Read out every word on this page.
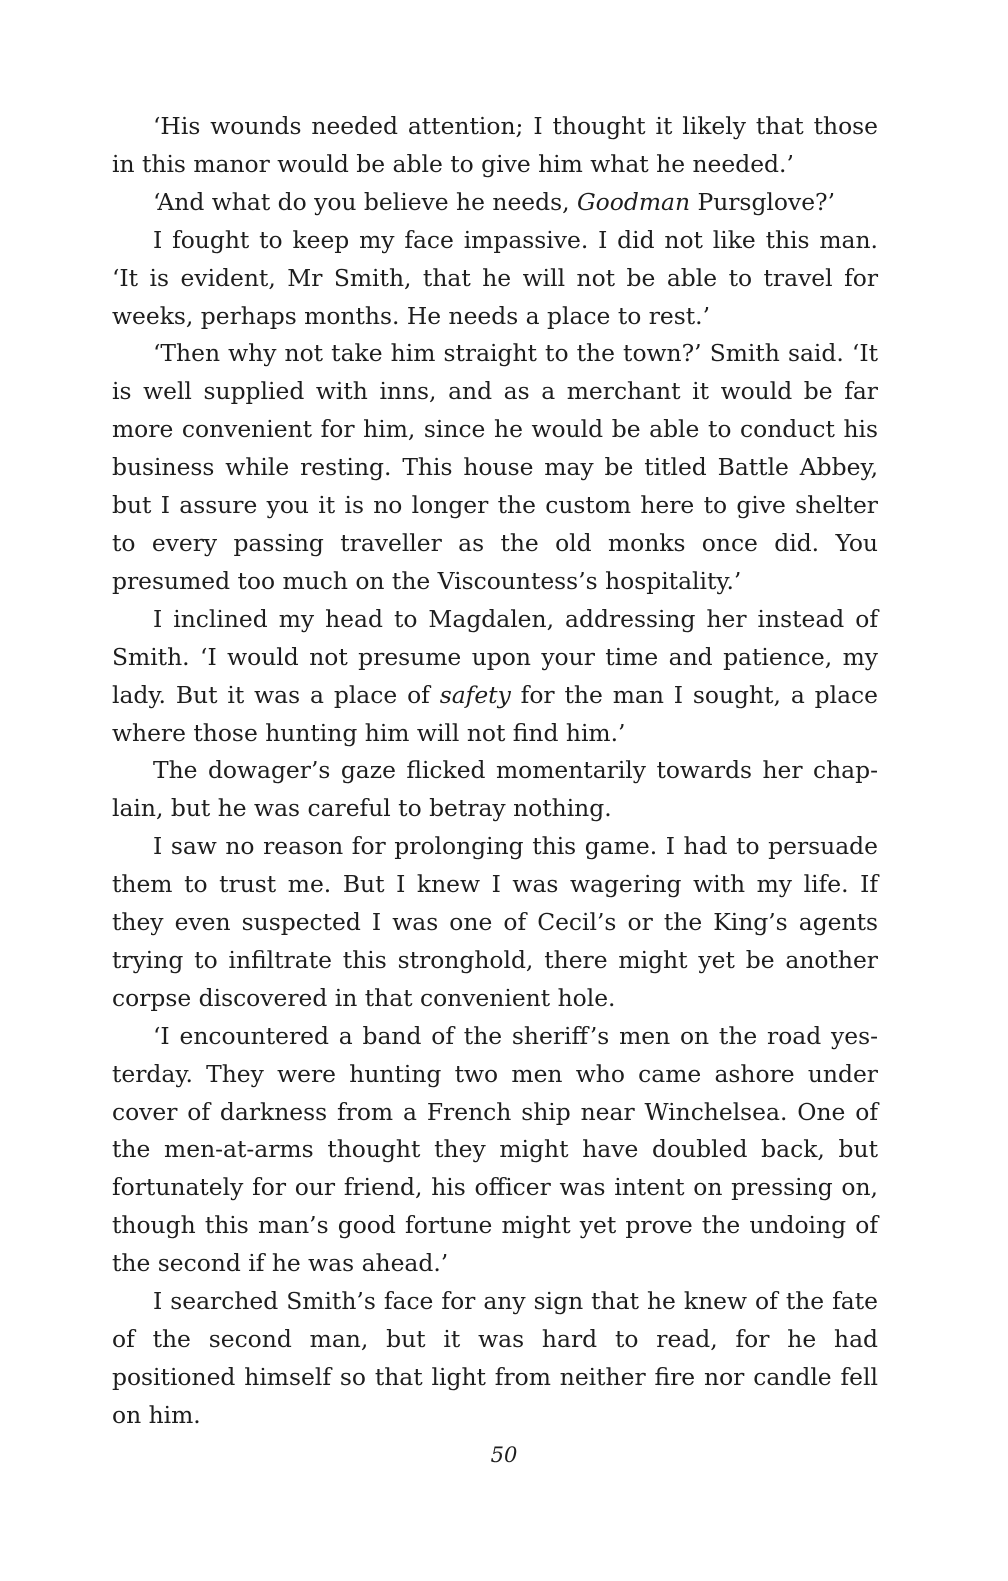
‘His wounds needed attention; I thought it likely that those in this manor would be able to give him what he needed.’

‘And what do you believe he needs, Goodman Pursglove?’

I fought to keep my face impassive. I did not like this man. ‘It is evident, Mr Smith, that he will not be able to travel for weeks, perhaps months. He needs a place to rest.’

‘Then why not take him straight to the town?’ Smith said. ‘It is well supplied with inns, and as a merchant it would be far more convenient for him, since he would be able to conduct his business while resting. This house may be titled Battle Abbey, but I assure you it is no longer the custom here to give shelter to every passing traveller as the old monks once did. You presumed too much on the Viscountess’s hospitality.’

I inclined my head to Magdalen, addressing her instead of Smith. ‘I would not presume upon your time and patience, my lady. But it was a place of safety for the man I sought, a place where those hunting him will not find him.’

The dowager’s gaze flicked momentarily towards her chaplain, but he was careful to betray nothing.

I saw no reason for prolonging this game. I had to persuade them to trust me. But I knew I was wagering with my life. If they even suspected I was one of Cecil’s or the King’s agents trying to infiltrate this stronghold, there might yet be another corpse discovered in that convenient hole.

‘I encountered a band of the sheriff’s men on the road yesterday. They were hunting two men who came ashore under cover of darkness from a French ship near Winchelsea. One of the men-at-arms thought they might have doubled back, but fortunately for our friend, his officer was intent on pressing on, though this man’s good fortune might yet prove the undoing of the second if he was ahead.’

I searched Smith’s face for any sign that he knew of the fate of the second man, but it was hard to read, for he had positioned himself so that light from neither fire nor candle fell on him.

50
